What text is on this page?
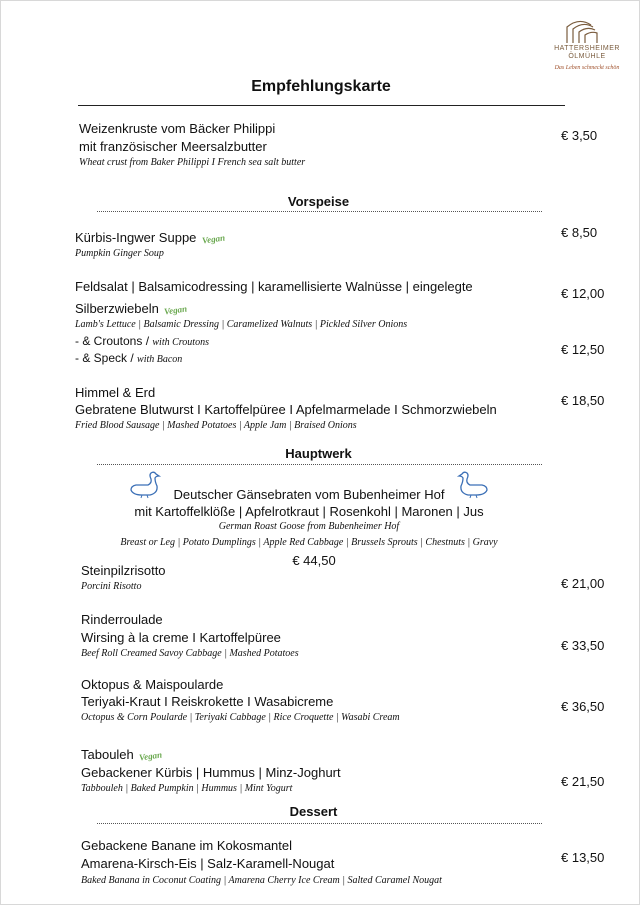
HATTERSHEIMER
ÖLMÜHLE
Das Leben schmeckt schön
Empfehlungskarte
Weizenkruste vom Bäcker Philippi
mit französischer Meersalzbutter
Wheat crust from Baker Philippi I French sea salt butter
€ 3,50
Vorspeise
Kürbis-Ingwer Suppe Vegan
Pumpkin Ginger Soup
€ 8,50
Feldsalat | Balsamicodressing | karamellisierte Walnüsse | eingelegte
Silberzwiebeln Vegan
Lamb's Lettuce | Balsamic Dressing | Caramelized Walnuts | Pickled Silver Onions
€ 12,00
- & Croutons / with Croutons
- & Speck / with Bacon
€ 12,50
Himmel & Erd
Gebratene Blutwurst I Kartoffelpüree I Apfelmarmelade I Schmorzwiebeln
Fried Blood Sausage | Mashed Potatoes | Apple Jam | Braised Onions
€ 18,50
Hauptwerk
Deutscher Gänsebraten vom Bubenheimer Hof
mit Kartoffelklöße | Apfelrotkraut | Rosenkohl | Maronen | Jus
German Roast Goose from Bubenheimer Hof
Breast or Leg | Potato Dumplings | Apple Red Cabbage | Brussels Sprouts | Chestnuts | Gravy
€ 44,50
Steinpilzrisotto
Porcini Risotto	€ 21,00
Rinderroulade
Wirsing à la creme I Kartoffelpüree
Beef Roll Creamed Savoy Cabbage | Mashed Potatoes
€ 33,50
Oktopus & Maispoularde
Teriyaki-Kraut I Reiskrokette I Wasabicreme
Octopus & Corn Poularde | Teriyaki Cabbage | Rice Croquette | Wasabi Cream
€ 36,50
Tabouleh Vegan
Gebackener Kürbis | Hummus | Minz-Joghurt
Tabbouleh | Baked Pumpkin | Hummus | Mint Yogurt	€ 21,50
Dessert
Gebackene Banane im Kokosmantel
Amarena-Kirsch-Eis | Salz-Karamell-Nougat
Baked Banana in Coconut Coating | Amarena Cherry Ice Cream | Salted Caramel Nougat
€ 13,50
